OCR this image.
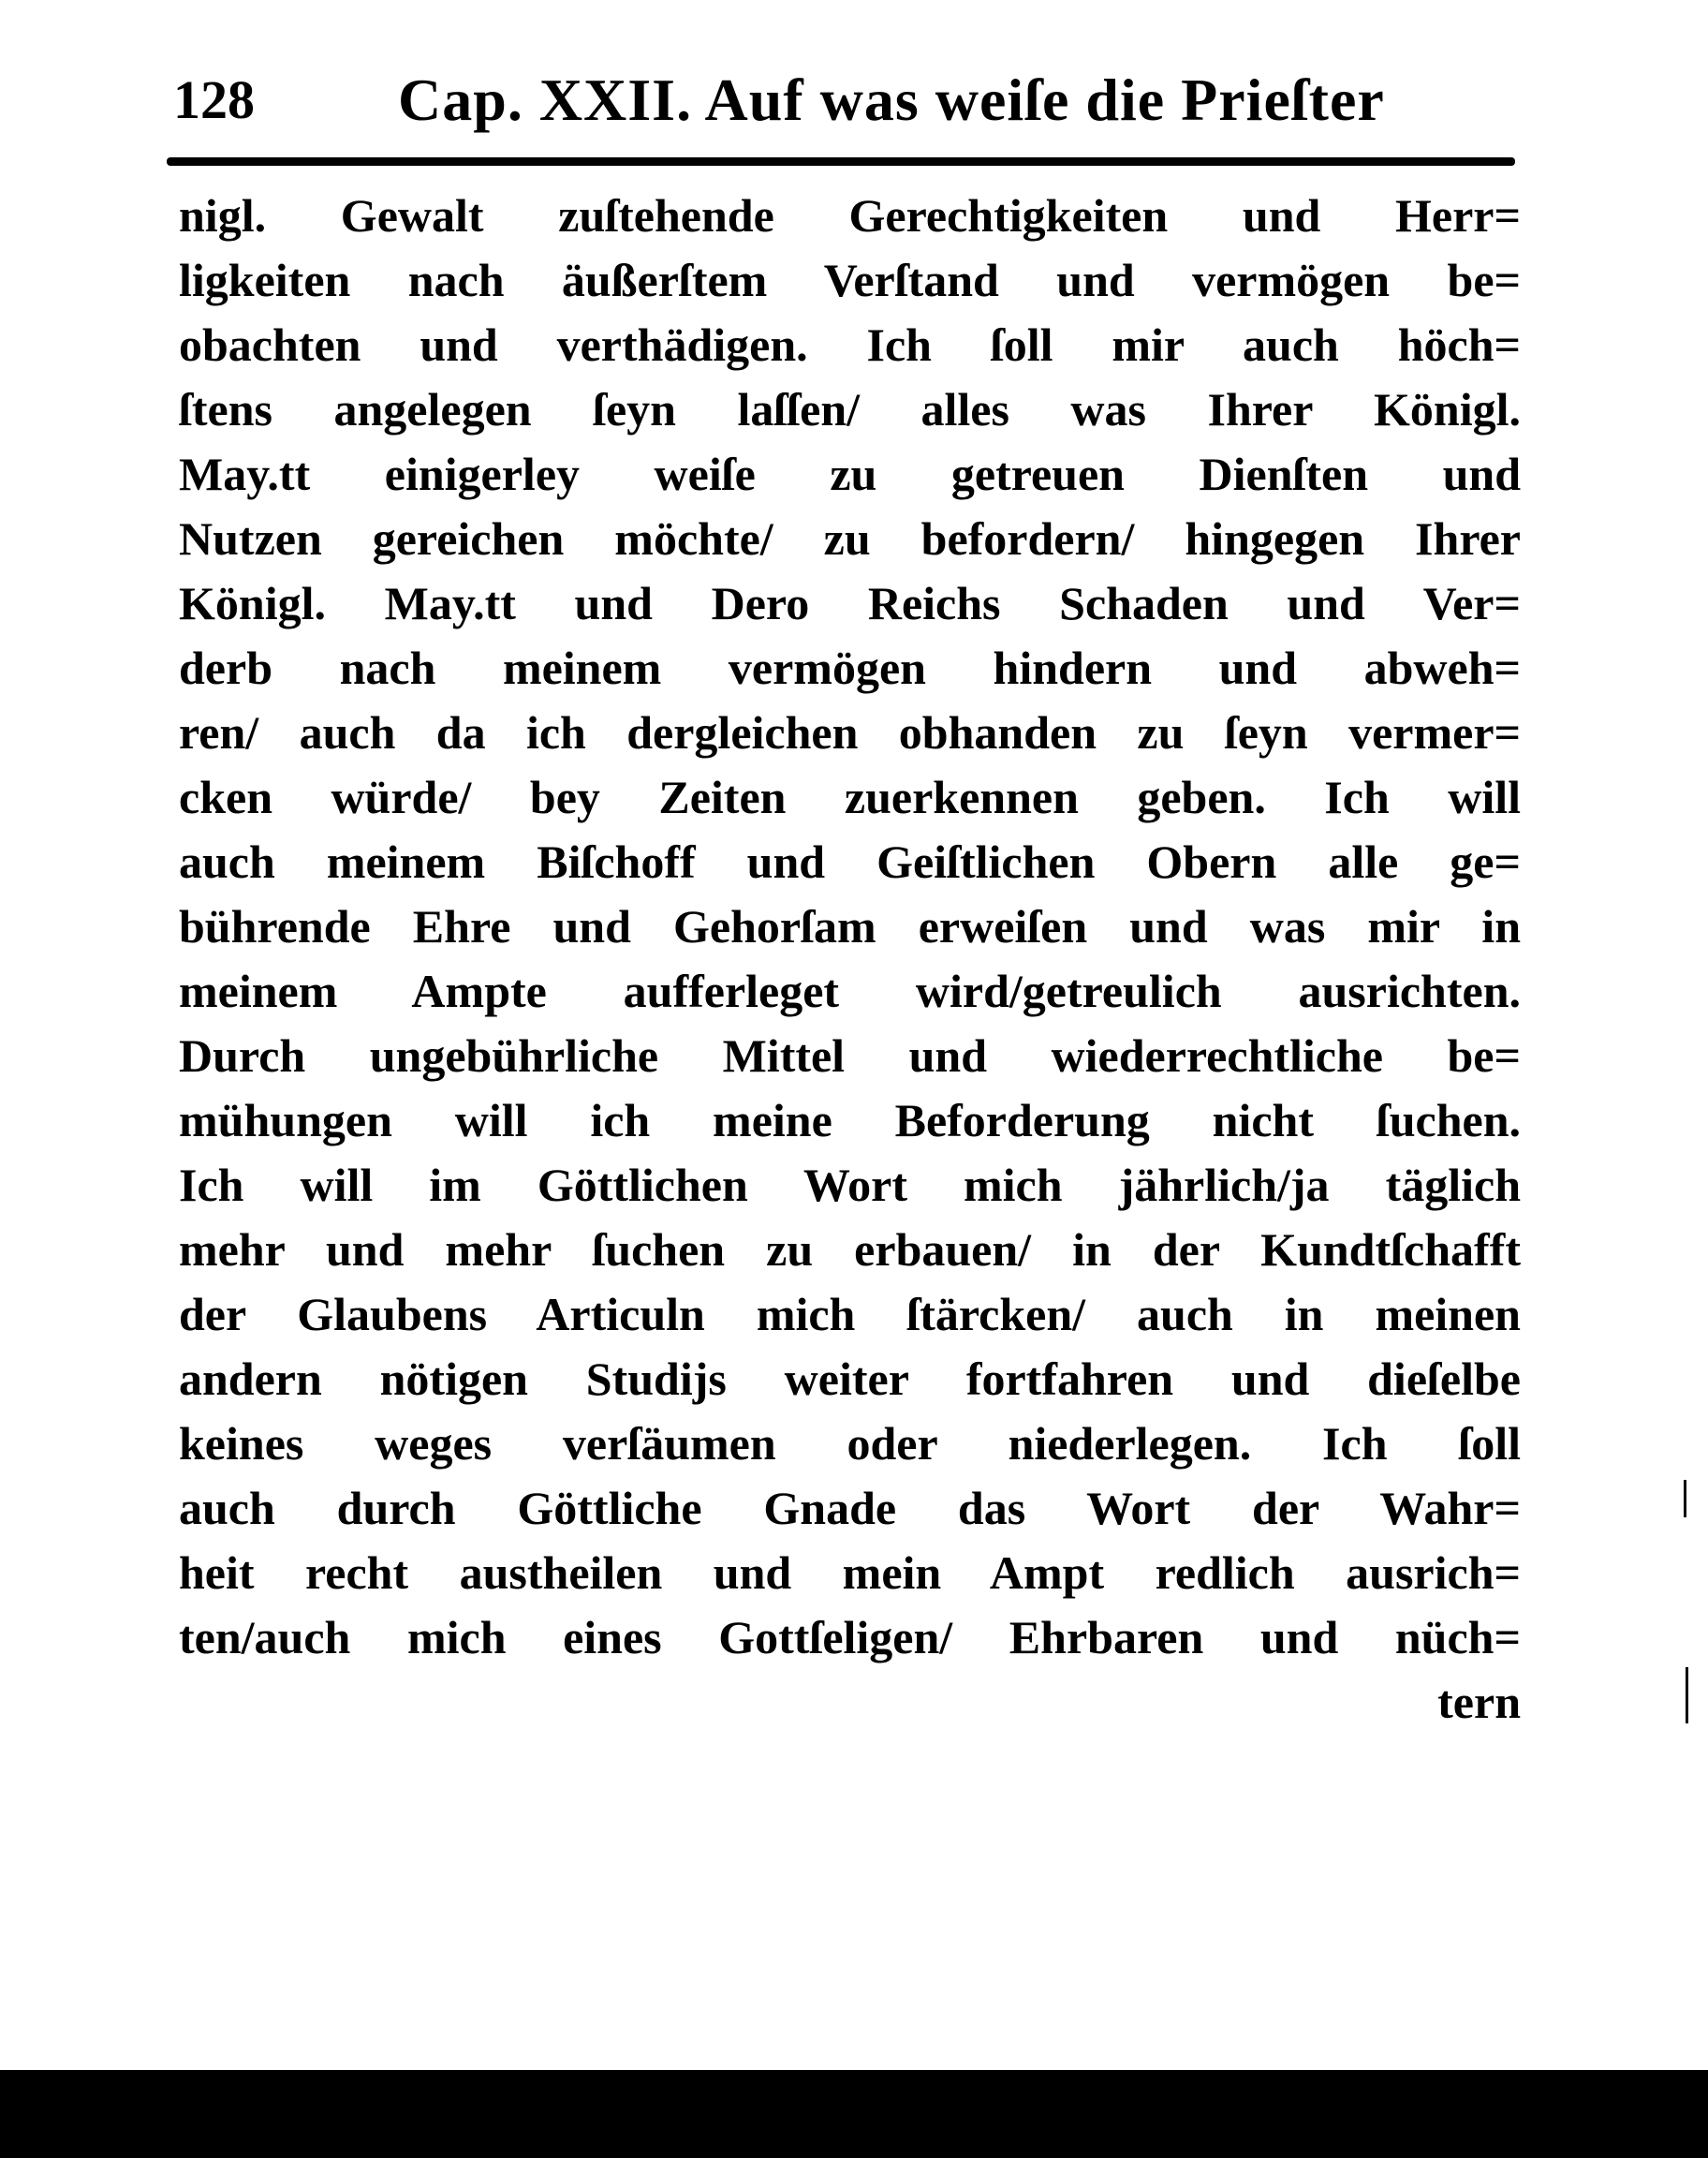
128 Cap. XXII. Auf was weiſe die Prieſter
nigl. Gewalt zuſtehende Gerechtigkeiten und Herr=
ligkeiten nach äußerſtem Verſtand und vermögen be=
obachten und verthädigen. Ich ſoll mir auch höch=
ſtens angelegen ſeyn laſſen/ alles was Ihrer Königl.
May.tt einigerley weiſe zu getreuen Dienſten und
Nutzen gereichen möchte/ zu befordern/ hingegen Ihrer
Königl. May.tt und Dero Reichs Schaden und Ver=
derb nach meinem vermögen hindern und abweh=
ren/ auch da ich dergleichen obhanden zu ſeyn vermer=
cken würde/ bey Zeiten zuerkennen geben. Ich will
auch meinem Biſchoff und Geiſtlichen Obern alle ge=
bührende Ehre und Gehorſam erweiſen und was mir in
meinem Ampte aufferleget wird/getreulich ausrichten.
Durch ungebührliche Mittel und wiederrechtliche be=
mühungen will ich meine Beforderung nicht ſuchen.
Ich will im Göttlichen Wort mich jährlich/ja täglich
mehr und mehr ſuchen zu erbauen/ in der Kundtſchafft
der Glaubens Articuln mich ſtärcken/ auch in meinen
andern nötigen Studijs weiter fortfahren und dieſelbe
keines weges verſäumen oder niederlegen. Ich ſoll
auch durch Göttliche Gnade das Wort der Wahr=
heit recht austheilen und mein Ampt redlich ausrich=
ten/auch mich eines Gottſeligen/ Ehrbaren und nüch=
tern
